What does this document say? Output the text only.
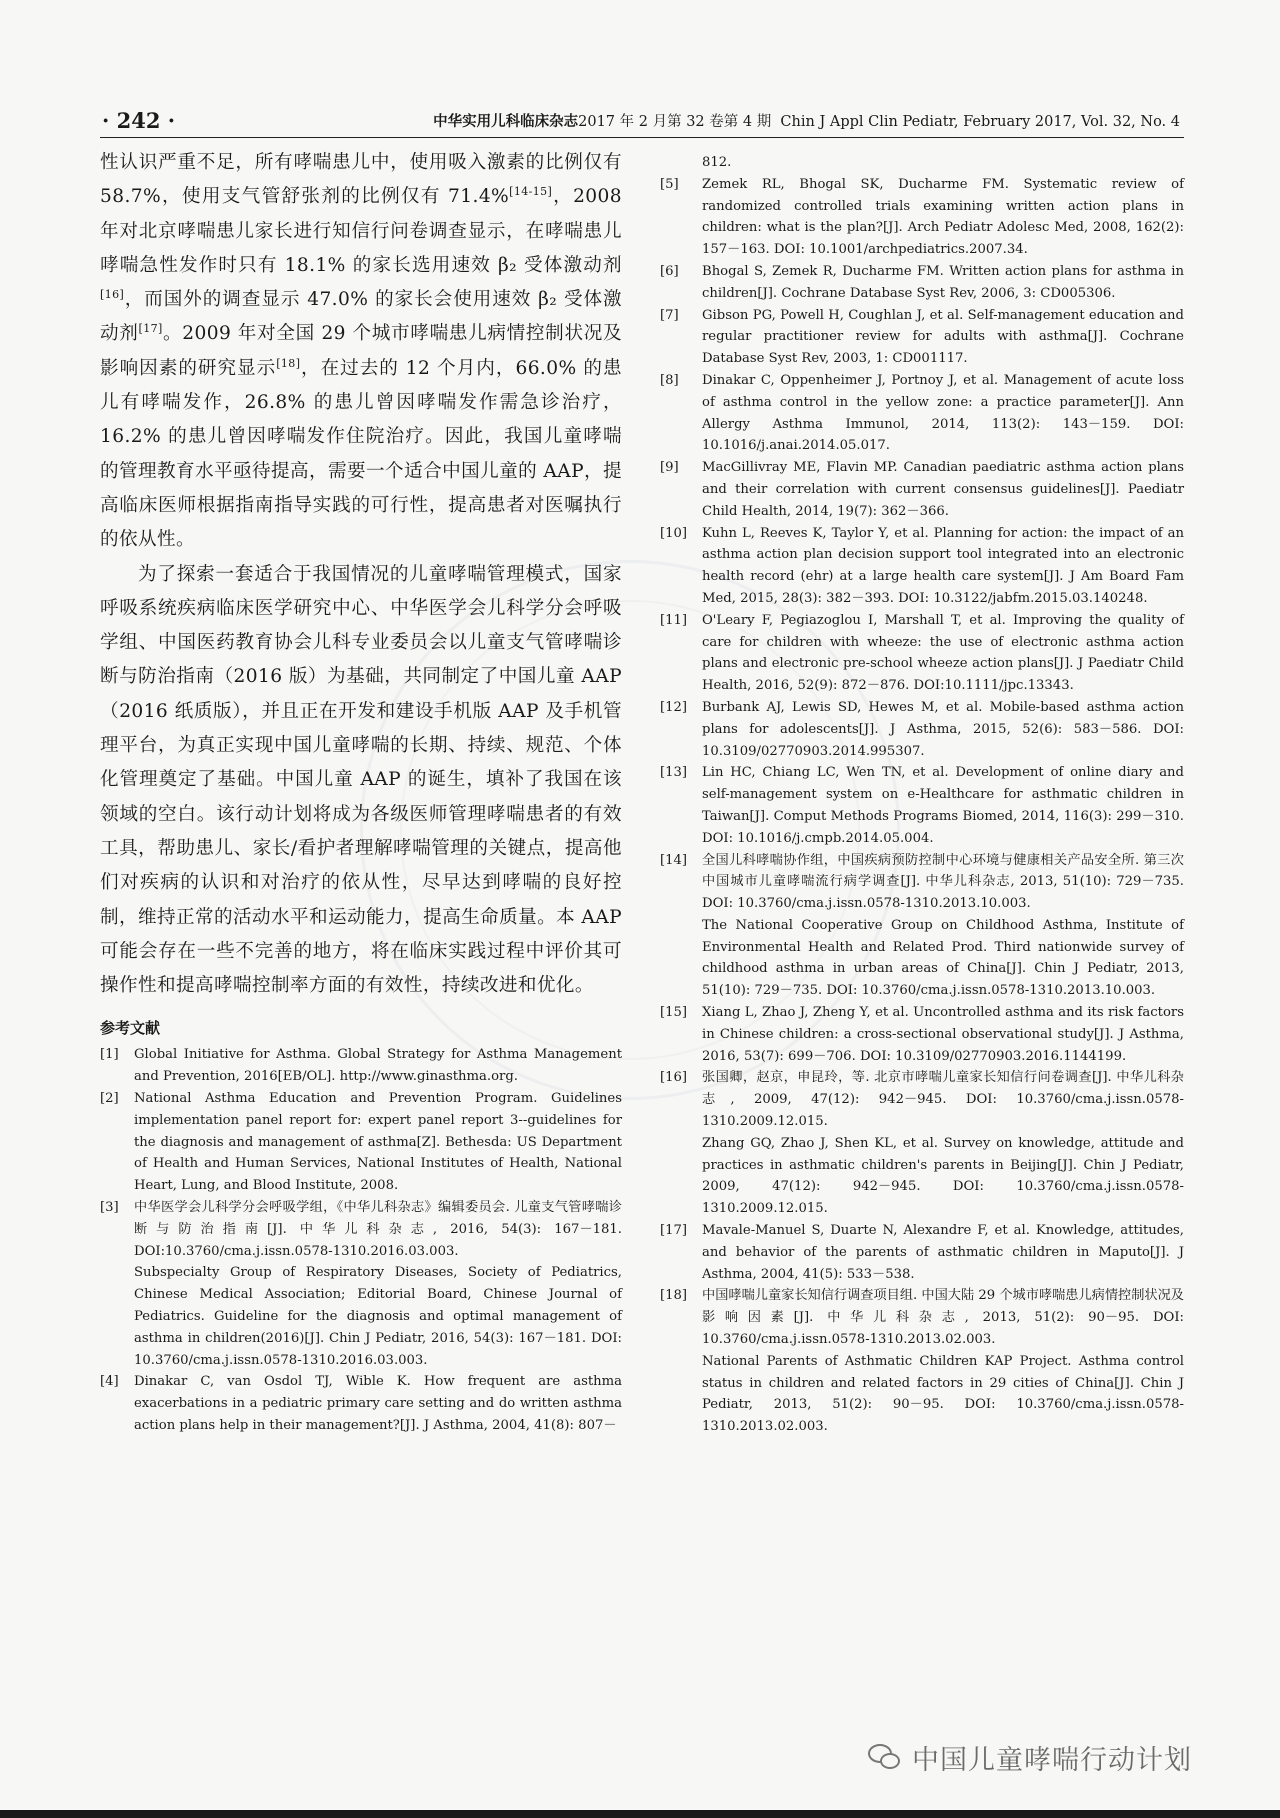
· 242 ·	中华实用儿科临床杂志2017 年 2 月第 32 卷第 4 期 Chin J Appl Clin Pediatr, February 2017, Vol. 32, No. 4

性认识严重不足，所有哮喘患儿中，使用吸入激素的比例仅有 58.7%，使用支气管舒张剂的比例仅有 71.4%[14-15]，2008 年对北京哮喘患儿家长进行知信行问卷调查显示，在哮喘患儿哮喘急性发作时只有 18.1% 的家长选用速效 β₂ 受体激动剂[16]，而国外的调查显示 47.0% 的家长会使用速效 β₂ 受体激动剂[17]。2009 年对全国 29 个城市哮喘患儿病情控制状况及影响因素的研究显示[18]，在过去的 12 个月内，66.0% 的患儿有哮喘发作，26.8% 的患儿曾因哮喘发作需急诊治疗，16.2% 的患儿曾因哮喘发作住院治疗。因此，我国儿童哮喘的管理教育水平亟待提高，需要一个适合中国儿童的 AAP，提高临床医师根据指南指导实践的可行性，提高患者对医嘱执行的依从性。

为了探索一套适合于我国情况的儿童哮喘管理模式，国家呼吸系统疾病临床医学研究中心、中华医学会儿科学分会呼吸学组、中国医药教育协会儿科专业委员会以儿童支气管哮喘诊断与防治指南（2016 版）为基础，共同制定了中国儿童 AAP（2016 纸质版），并且正在开发和建设手机版 AAP 及手机管理平台，为真正实现中国儿童哮喘的长期、持续、规范、个体化管理奠定了基础。中国儿童 AAP 的诞生，填补了我国在该领域的空白。该行动计划将成为各级医师管理哮喘患者的有效工具，帮助患儿、家长/看护者理解哮喘管理的关键点，提高他们对疾病的认识和对治疗的依从性，尽早达到哮喘的良好控制，维持正常的活动水平和运动能力，提高生命质量。本 AAP 可能会存在一些不完善的地方，将在临床实践过程中评价其可操作性和提高哮喘控制率方面的有效性，持续改进和优化。

参考文献
[1] Global Initiative for Asthma. Global Strategy for Asthma Management and Prevention, 2016[EB/OL]. http://www.ginasthma.org.
[2] National Asthma Education and Prevention Program. Guidelines implementation panel report for: expert panel report 3--guidelines for the diagnosis and management of asthma[Z]. Bethesda: US Department of Health and Human Services, National Institutes of Health, National Heart, Lung, and Blood Institute, 2008.
[3] 中华医学会儿科学分会呼吸学组，《中华儿科杂志》编辑委员会. 儿童支气管哮喘诊断与防治指南[J]. 中华儿科杂志, 2016, 54(3): 167－181. DOI:10.3760/cma.j.issn.0578-1310.2016.03.003.
Subspecialty Group of Respiratory Diseases, Society of Pediatrics, Chinese Medical Association; Editorial Board, Chinese Journal of Pediatrics. Guideline for the diagnosis and optimal management of asthma in children(2016)[J]. Chin J Pediatr, 2016, 54(3): 167－181. DOI: 10.3760/cma.j.issn.0578-1310.2016.03.003.
[4] Dinakar C, van Osdol TJ, Wible K. How frequent are asthma exacerbations in a pediatric primary care setting and do written asthma action plans help in their management?[J]. J Asthma, 2004, 41(8): 807－
812.
[5] Zemek RL, Bhogal SK, Ducharme FM. Systematic review of randomized controlled trials examining written action plans in children: what is the plan?[J]. Arch Pediatr Adolesc Med, 2008, 162(2): 157－163. DOI: 10.1001/archpediatrics.2007.34.
[6] Bhogal S, Zemek R, Ducharme FM. Written action plans for asthma in children[J]. Cochrane Database Syst Rev, 2006, 3: CD005306.
[7] Gibson PG, Powell H, Coughlan J, et al. Self-management education and regular practitioner review for adults with asthma[J]. Cochrane Database Syst Rev, 2003, 1: CD001117.
[8] Dinakar C, Oppenheimer J, Portnoy J, et al. Management of acute loss of asthma control in the yellow zone: a practice parameter[J]. Ann Allergy Asthma Immunol, 2014, 113(2): 143－159. DOI: 10.1016/j.anai.2014.05.017.
[9] MacGillivray ME, Flavin MP. Canadian paediatric asthma action plans and their correlation with current consensus guidelines[J]. Paediatr Child Health, 2014, 19(7): 362－366.
[10] Kuhn L, Reeves K, Taylor Y, et al. Planning for action: the impact of an asthma action plan decision support tool integrated into an electronic health record (ehr) at a large health care system[J]. J Am Board Fam Med, 2015, 28(3): 382－393. DOI: 10.3122/jabfm.2015.03.140248.
[11] O'Leary F, Pegiazoglou I, Marshall T, et al. Improving the quality of care for children with wheeze: the use of electronic asthma action plans and electronic pre-school wheeze action plans[J]. J Paediatr Child Health, 2016, 52(9): 872－876. DOI:10.1111/jpc.13343.
[12] Burbank AJ, Lewis SD, Hewes M, et al. Mobile-based asthma action plans for adolescents[J]. J Asthma, 2015, 52(6): 583－586. DOI: 10.3109/02770903.2014.995307.
[13] Lin HC, Chiang LC, Wen TN, et al. Development of online diary and self-management system on e-Healthcare for asthmatic children in Taiwan[J]. Comput Methods Programs Biomed, 2014, 116(3): 299－310. DOI: 10.1016/j.cmpb.2014.05.004.
[14] 全国儿科哮喘协作组，中国疾病预防控制中心环境与健康相关产品安全所. 第三次中国城市儿童哮喘流行病学调查[J]. 中华儿科杂志, 2013, 51(10): 729－735. DOI: 10.3760/cma.j.issn.0578-1310.2013.10.003.
The National Cooperative Group on Childhood Asthma, Institute of Environmental Health and Related Prod. Third nationwide survey of childhood asthma in urban areas of China[J]. Chin J Pediatr, 2013, 51(10): 729－735. DOI: 10.3760/cma.j.issn.0578-1310.2013.10.003.
[15] Xiang L, Zhao J, Zheng Y, et al. Uncontrolled asthma and its risk factors in Chinese children: a cross-sectional observational study[J]. J Asthma, 2016, 53(7): 699－706. DOI: 10.3109/02770903.2016.1144199.
[16] 张国卿，赵京，申昆玲，等. 北京市哮喘儿童家长知信行问卷调查[J]. 中华儿科杂志, 2009, 47(12): 942－945. DOI: 10.3760/cma.j.issn.0578-1310.2009.12.015.
Zhang GQ, Zhao J, Shen KL, et al. Survey on knowledge, attitude and practices in asthmatic children's parents in Beijing[J]. Chin J Pediatr, 2009, 47(12): 942－945. DOI: 10.3760/cma.j.issn.0578-1310.2009.12.015.
[17] Mavale-Manuel S, Duarte N, Alexandre F, et al. Knowledge, attitudes, and behavior of the parents of asthmatic children in Maputo[J]. J Asthma, 2004, 41(5): 533－538.
[18] 中国哮喘儿童家长知信行调查项目组. 中国大陆 29 个城市哮喘患儿病情控制状况及影响因素[J]. 中华儿科杂志, 2013, 51(2): 90－95. DOI: 10.3760/cma.j.issn.0578-1310.2013.02.003.
National Parents of Asthmatic Children KAP Project. Asthma control status in children and related factors in 29 cities of China[J]. Chin J Pediatr, 2013, 51(2): 90－95. DOI: 10.3760/cma.j.issn.0578-1310.2013.02.003.
中国儿童哮喘行动计划
